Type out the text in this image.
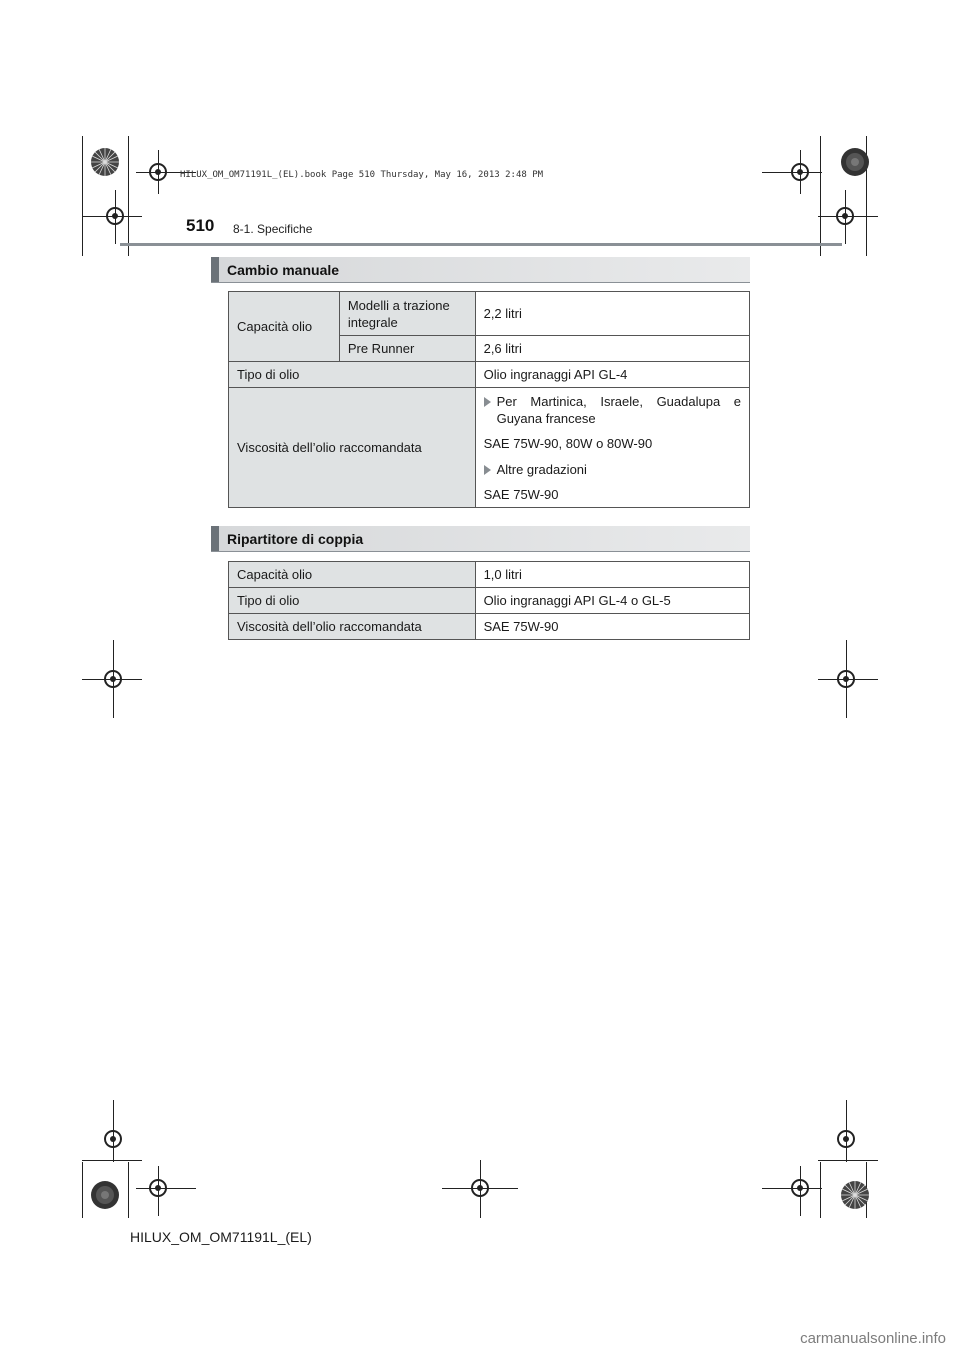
HILUX_OM_OM71191L_(EL).book Page 510 Thursday, May 16, 2013 2:48 PM
510 8-1. Specifiche
Cambio manuale
Capacità olio	Modelli a trazione integrale	2,2 litri
	Pre Runner	2,6 litri
Tipo di olio		Olio ingranaggi API GL-4
Viscosità dell’olio raccomandata		Per Martinica, Israele, Guadalupa e
Guyana francese
SAE 75W-90, 80W o 80W-90
Altre gradazioni
SAE 75W-90
Ripartitore di coppia
Capacità olio	1,0 litri
Tipo di olio	Olio ingranaggi API GL-4 o GL-5
Viscosità dell’olio raccomandata	SAE 75W-90
HILUX_OM_OM71191L_(EL)
carmanualsonline.info
